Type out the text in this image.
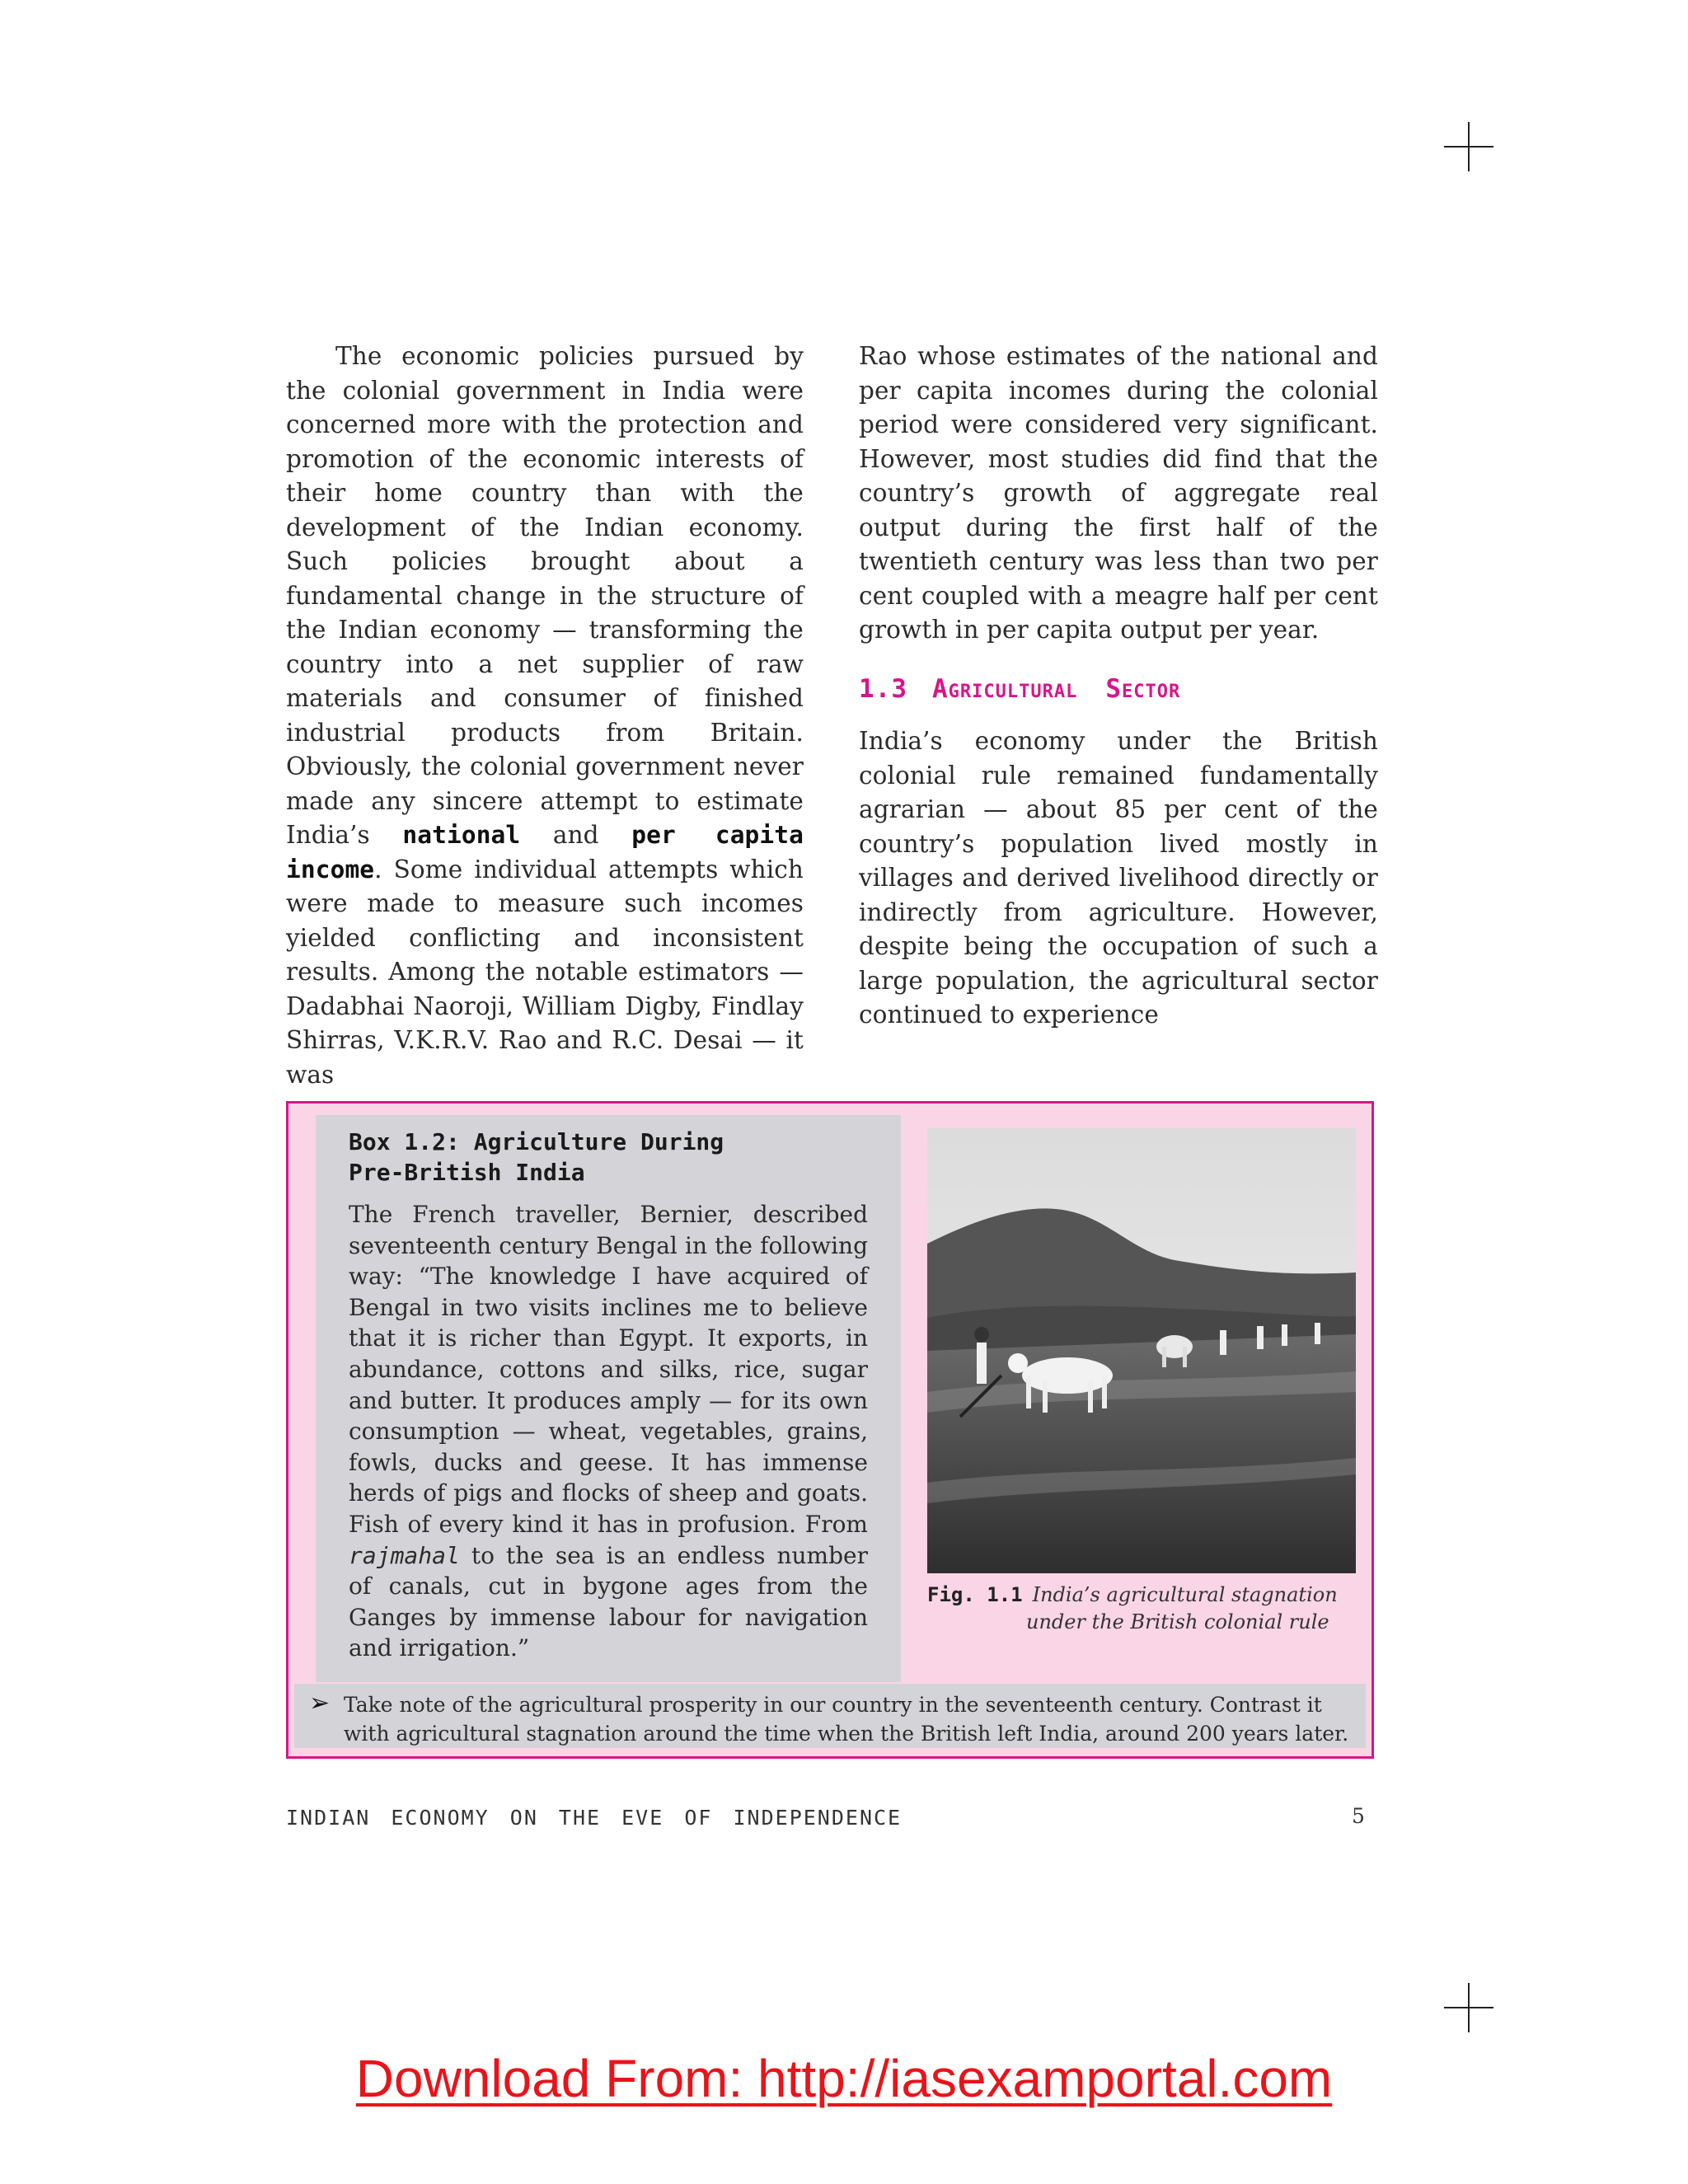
The economic policies pursued by the colonial government in India were concerned more with the protection and promotion of the economic interests of their home country than with the development of the Indian economy. Such policies brought about a fundamental change in the structure of the Indian economy — transforming the country into a net supplier of raw materials and consumer of finished industrial products from Britain. Obviously, the colonial government never made any sincere attempt to estimate India’s national and per capita income. Some individual attempts which were made to measure such incomes yielded conflicting and inconsistent results. Among the notable estimators — Dadabhai Naoroji, William Digby, Findlay Shirras, V.K.R.V. Rao and R.C. Desai — it was

Rao whose estimates of the national and per capita incomes during the colonial period were considered very significant. However, most studies did find that the country’s growth of aggregate real output during the first half of the twentieth century was less than two per cent coupled with a meagre half per cent growth in per capita output per year.

1.3 Agricultural Sector

India’s economy under the British colonial rule remained fundamentally agrarian — about 85 per cent of the country’s population lived mostly in villages and derived livelihood directly or indirectly from agriculture. However, despite being the occupation of such a large population, the agricultural sector continued to experience

Box 1.2: Agriculture During
Pre-British India

The French traveller, Bernier, described seventeenth century Bengal in the following way: “The knowledge I have acquired of Bengal in two visits inclines me to believe that it is richer than Egypt. It exports, in abundance, cottons and silks, rice, sugar and butter. It produces amply — for its own consumption — wheat, vegetables, grains, fowls, ducks and geese. It has immense herds of pigs and flocks of sheep and goats. Fish of every kind it has in profusion. From rajmahal to the sea is an endless number of canals, cut in bygone ages from the Ganges by immense labour for navigation and irrigation.”

Fig. 1.1 India’s agricultural stagnation
under the British colonial rule
➢ Take note of the agricultural prosperity in our country in the seventeenth century. Contrast it with agricultural stagnation around the time when the British left India, around 200 years later.
INDIAN ECONOMY ON THE EVE OF INDEPENDENCE	5
Download From: http://iasexamportal.com
